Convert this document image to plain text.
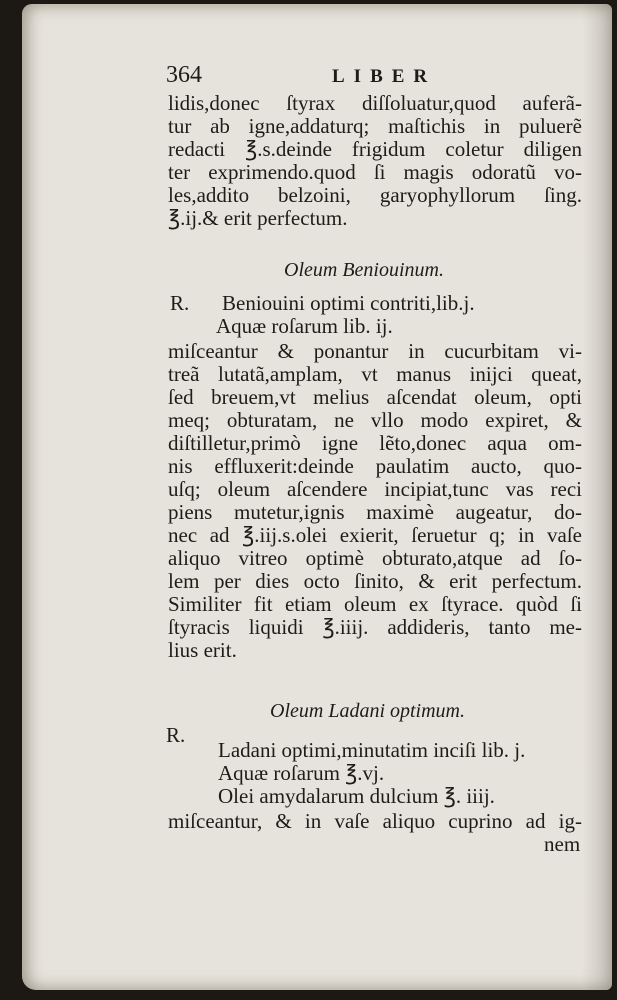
364	LIBER
lidis,donec ſtyrax diſſoluatur,quod auferã-
tur ab igne,addaturq; maſtichis in puluerẽ
redacti ℥.s.deinde frigidum coletur diligen
ter exprimendo.quod ſi magis odoratũ vo-
les,addito belzoini, garyophyllorum ſing.
℥.ij.& erit perfectum.
Oleum Beniouinum.
R. Beniouini optimi contriti,lib.j.
Aquæ roſarum lib. ij.
miſceantur & ponantur in cucurbitam vi-
treã lutatã,amplam, vt manus inijci queat,
ſed breuem,vt melius aſcendat oleum, opti
meq; obturatam, ne vllo modo expiret, &
diſtilletur,primò igne lẽto,donec aqua om-
nis effluxerit:deinde paulatim aucto, quo-
uſq; oleum aſcendere incipiat,tunc vas reci
piens mutetur,ignis maximè augeatur, do-
nec ad ℥.iij.s.olei exierit, ſeruetur q; in vaſe
aliquo vitreo optimè obturato,atque ad ſo-
lem per dies octo ſinito, & erit perfectum.
Similiter fit etiam oleum ex ſtyrace. quòd ſi
ſtyracis liquidi ℥.iiij. addideris, tanto me-
lius erit.
Oleum Ladani optimum.
R.
Ladani optimi,minutatim inciſi lib. j.
Aquæ roſarum ℥.vj.
Olei amydalarum dulcium ℥. iiij.
miſceantur, & in vaſe aliquo cuprino ad ig-
nem
